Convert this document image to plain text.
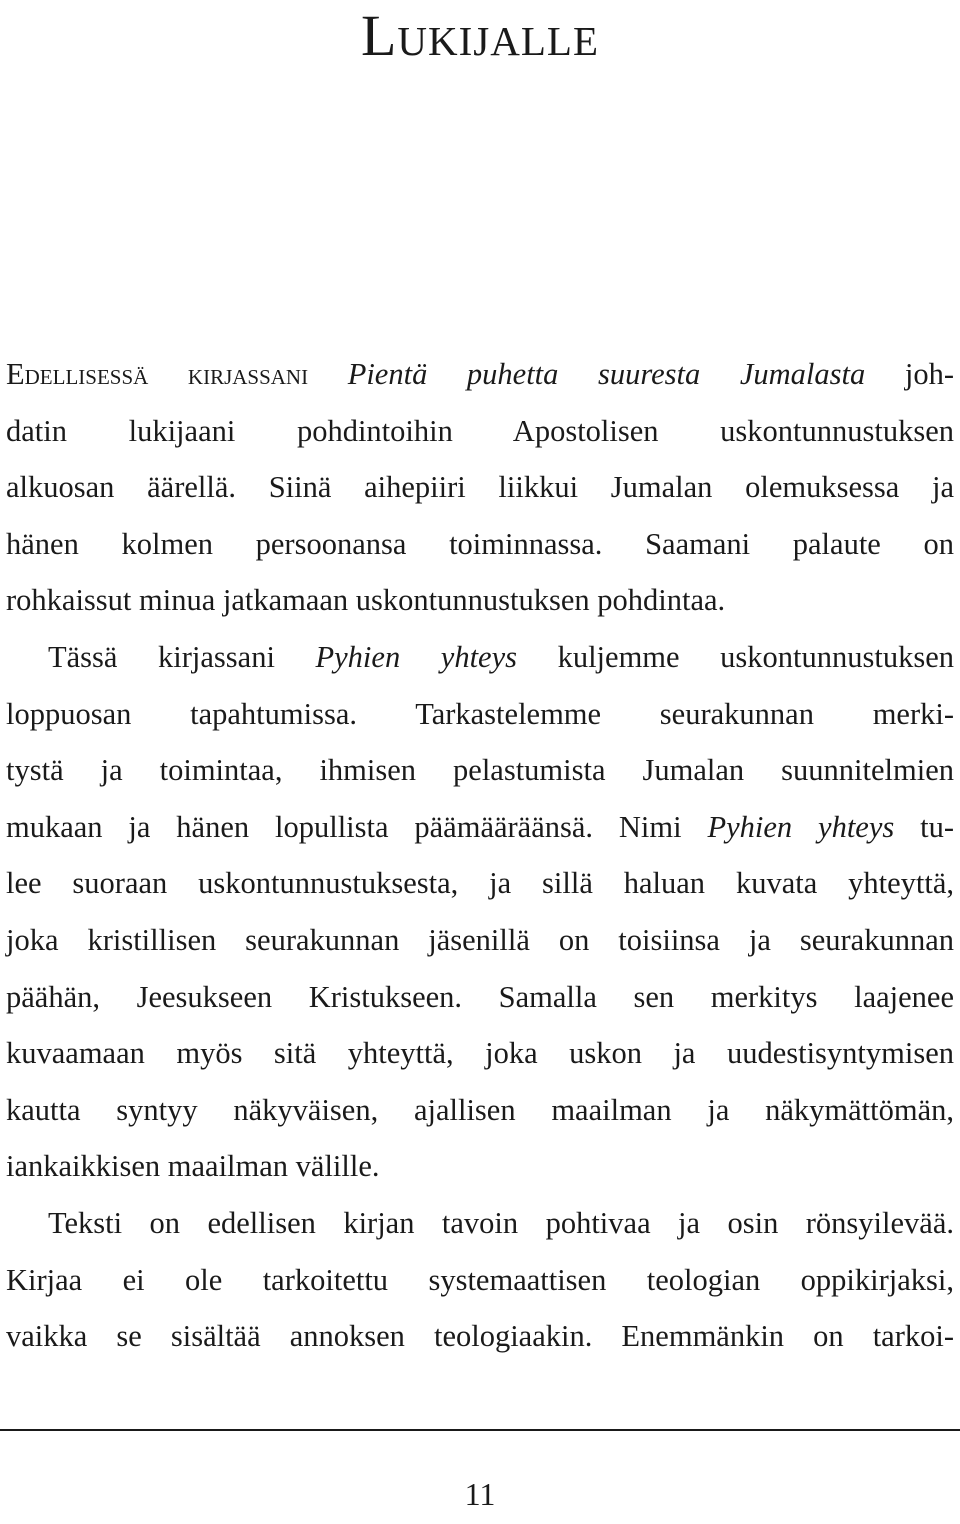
Lukijalle
Edellisessä kirjassani Pientä puhetta suuresta Jumalasta joh-
datin lukijaani pohdintoihin Apostolisen uskontunnustuksen
alkuosan äärellä. Siinä aihepiiri liikkui Jumalan olemuksessa ja
hänen kolmen persoonansa toiminnassa. Saamani palaute on
rohkaissut minua jatkamaan uskontunnustuksen pohdintaa.
Tässä kirjassani Pyhien yhteys kuljemme uskontunnustuksen
loppuosan tapahtumissa. Tarkastelemme seurakunnan merki-
tystä ja toimintaa, ihmisen pelastumista Jumalan suunnitelmien
mukaan ja hänen lopullista päämääräänsä. Nimi Pyhien yhteys tu-
lee suoraan uskontunnustuksesta, ja sillä haluan kuvata yhteyttä,
joka kristillisen seurakunnan jäsenillä on toisiinsa ja seurakunnan
päähän, Jeesukseen Kristukseen. Samalla sen merkitys laajenee
kuvaamaan myös sitä yhteyttä, joka uskon ja uudestisyntymisen
kautta syntyy näkyväisen, ajallisen maailman ja näkymättömän,
iankaikkisen maailman välille.
Teksti on edellisen kirjan tavoin pohtivaa ja osin rönsyilevää.
Kirjaa ei ole tarkoitettu systemaattisen teologian oppikirjaksi,
vaikka se sisältää annoksen teologiaakin. Enemmänkin on tarkoi-
11
